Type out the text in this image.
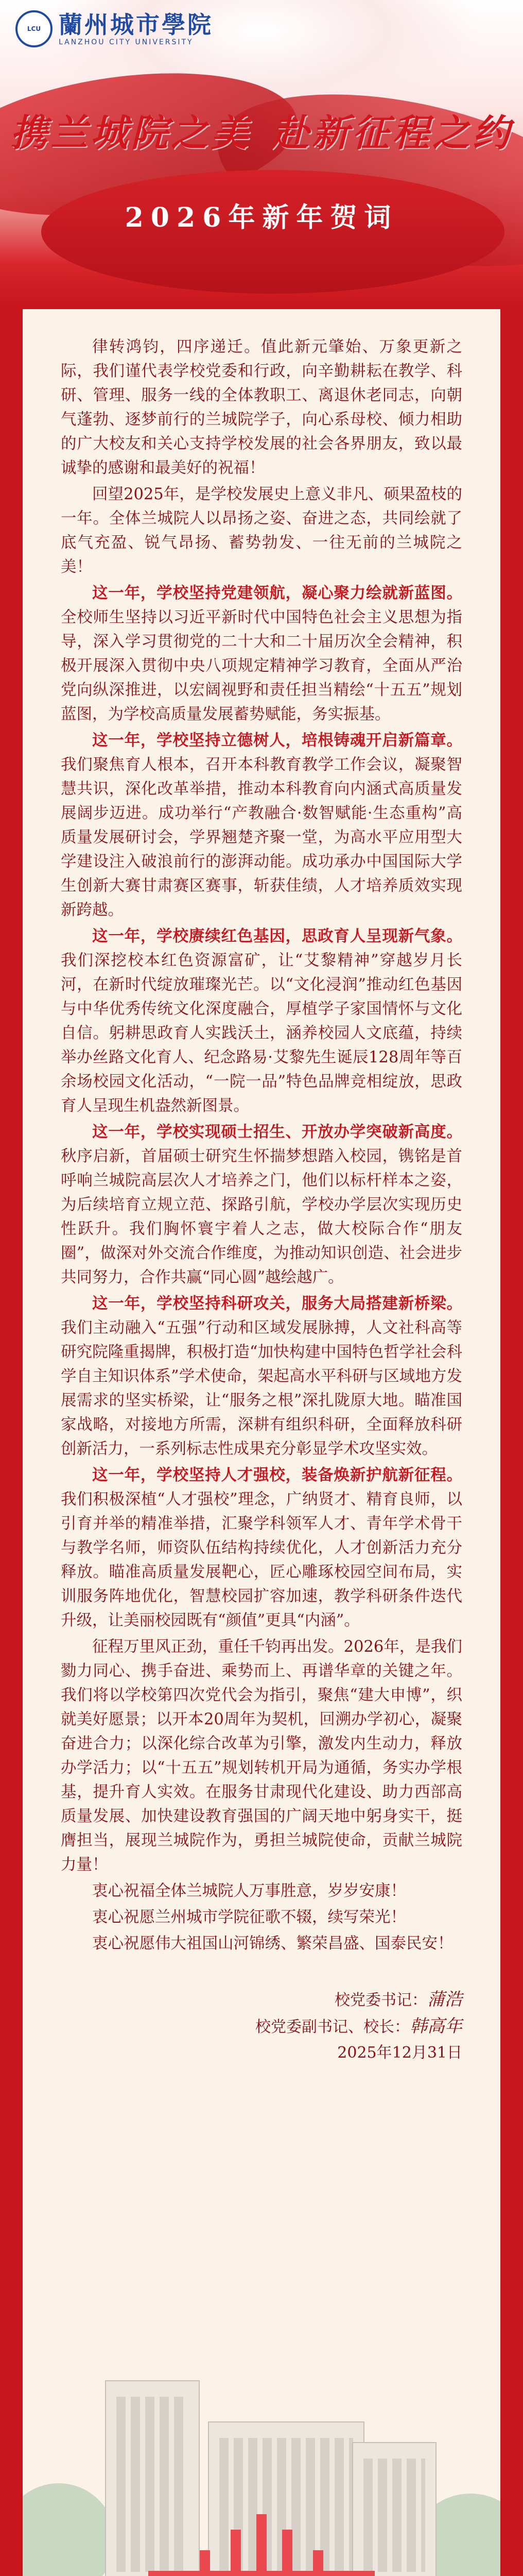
LCU 蘭州城市學院
LANZHOU CITY UNIVERSITY
携兰城院之美 赴新征程之约
2026年新年贺词

律转鸿钧，四序递迁。值此新元肇始、万象更新之际，我们谨代表学校党委和行政，向辛勤耕耘在教学、科研、管理、服务一线的全体教职工、离退休老同志，向朝气蓬勃、逐梦前行的兰城院学子，向心系母校、倾力相助的广大校友和关心支持学校发展的社会各界朋友，致以最诚挚的感谢和最美好的祝福！

回望2025年，是学校发展史上意义非凡、硕果盈枝的一年。全体兰城院人以昂扬之姿、奋进之态，共同绘就了底气充盈、锐气昂扬、蓄势勃发、一往无前的兰城院之美！

这一年，学校坚持党建领航，凝心聚力绘就新蓝图。全校师生坚持以习近平新时代中国特色社会主义思想为指导，深入学习贯彻党的二十大和二十届历次全会精神，积极开展深入贯彻中央八项规定精神学习教育，全面从严治党向纵深推进，以宏阔视野和责任担当精绘“十五五”规划蓝图，为学校高质量发展蓄势赋能，务实振基。

这一年，学校坚持立德树人，培根铸魂开启新篇章。我们聚焦育人根本，召开本科教育教学工作会议，凝聚智慧共识，深化改革举措，推动本科教育向内涵式高质量发展阔步迈进。成功举行“产教融合·数智赋能·生态重构”高质量发展研讨会，学界翘楚齐聚一堂，为高水平应用型大学建设注入破浪前行的澎湃动能。成功承办中国国际大学生创新大赛甘肃赛区赛事，斩获佳绩，人才培养质效实现新跨越。

这一年，学校赓续红色基因，思政育人呈现新气象。我们深挖校本红色资源富矿，让“艾黎精神”穿越岁月长河，在新时代绽放璀璨光芒。以“文化浸润”推动红色基因与中华优秀传统文化深度融合，厚植学子家国情怀与文化自信。躬耕思政育人实践沃土，涵养校园人文底蕴，持续举办丝路文化育人、纪念路易·艾黎先生诞辰128周年等百余场校园文化活动，“一院一品”特色品牌竞相绽放，思政育人呈现生机盎然新图景。

这一年，学校实现硕士招生、开放办学突破新高度。秋序启新，首届硕士研究生怀揣梦想踏入校园，镌铭是首呼响兰城院高层次人才培养之门，他们以标杆样本之姿，为后续培育立规立范、探路引航，学校办学层次实现历史性跃升。我们胸怀寰宇着人之志，做大校际合作“朋友圈”，做深对外交流合作维度，为推动知识创造、社会进步共同努力，合作共赢“同心圆”越绘越广。

这一年，学校坚持科研攻关，服务大局搭建新桥梁。我们主动融入“五强”行动和区域发展脉搏，人文社科高等研究院隆重揭牌，积极打造“加快构建中国特色哲学社会科学自主知识体系”学术使命，架起高水平科研与区域地方发展需求的坚实桥梁，让“服务之根”深扎陇原大地。瞄准国家战略，对接地方所需，深耕有组织科研，全面释放科研创新活力，一系列标志性成果充分彰显学术攻坚实效。

这一年，学校坚持人才强校，装备焕新护航新征程。我们积极深植“人才强校”理念，广纳贤才、精育良师，以引育并举的精准举措，汇聚学科领军人才、青年学术骨干与教学名师，师资队伍结构持续优化，人才创新活力充分释放。瞄准高质量发展靶心，匠心雕琢校园空间布局，实训服务阵地优化，智慧校园扩容加速，教学科研条件迭代升级，让美丽校园既有“颜值”更具“内涵”。

征程万里风正劲，重任千钧再出发。2026年，是我们勠力同心、携手奋进、乘势而上、再谱华章的关键之年。我们将以学校第四次党代会为指引，聚焦“建大申博”，织就美好愿景；以开本20周年为契机，回溯办学初心，凝聚奋进合力；以深化综合改革为引擎，激发内生动力，释放办学活力；以“十五五”规划转机开局为通循，务实办学根基，提升育人实效。在服务甘肃现代化建设、助力西部高质量发展、加快建设教育强国的广阔天地中躬身实干，挺膺担当，展现兰城院作为，勇担兰城院使命，贡献兰城院力量！

衷心祝福全体兰城院人万事胜意，岁岁安康！

衷心祝愿兰州城市学院征歌不辍，续写荣光！

衷心祝愿伟大祖国山河锦绣、繁荣昌盛、国泰民安！

校党委书记：蒲浩
校党委副书记、校长：韩高年
2025年12月31日
